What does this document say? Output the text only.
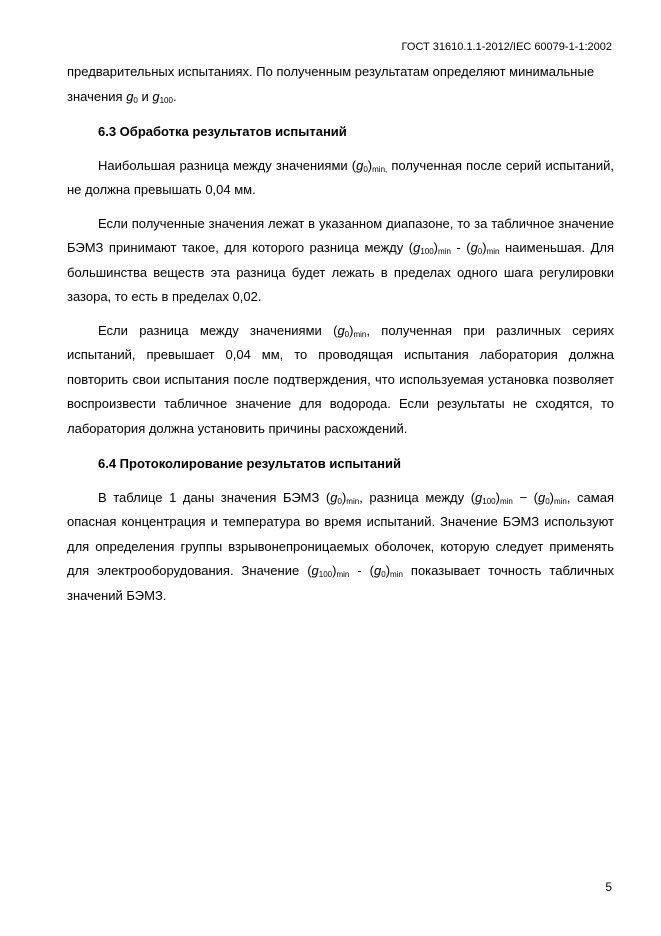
ГОСТ 31610.1.1-2012/IEC 60079-1-1:2002

предварительных испытаниях. По полученным результатам определяют минимальные
значения $g_0$ и $g_{100}$.

6.3 Обработка результатов испытаний

Наибольшая разница между значениями $(g_0)_{min,}$ полученная после серий испытаний, не должна превышать 0,04 мм.

Если полученные значения лежат в указанном диапазоне, то за табличное значение БЭМЗ принимают такое, для которого разница между $(g_{100})_{min} - (g_0)_{min}$ наименьшая. Для большинства веществ эта разница будет лежать в пределах одного шага регулировки зазора, то есть в пределах 0,02.

Если разница между значениями $(g_0)_{min}$, полученная при различных сериях испытаний, превышает 0,04 мм, то проводящая испытания лаборатория должна повторить свои испытания после подтверждения, что используемая установка позволяет воспроизвести табличное значение для водорода. Если результаты не сходятся, то лаборатория должна установить причины расхождений.

6.4 Протоколирование результатов испытаний

В таблице 1 даны значения БЭМЗ $(g_0)_{min}$, разница между $(g_{100})_{min} - (g_0)_{min}$, самая опасная концентрация и температура во время испытаний. Значение БЭМЗ используют для определения группы взрывонепроницаемых оболочек, которую следует применять для электрооборудования. Значение $(g_{100})_{min} - (g_0)_{min}$ показывает точность табличных значений БЭМЗ.

5
